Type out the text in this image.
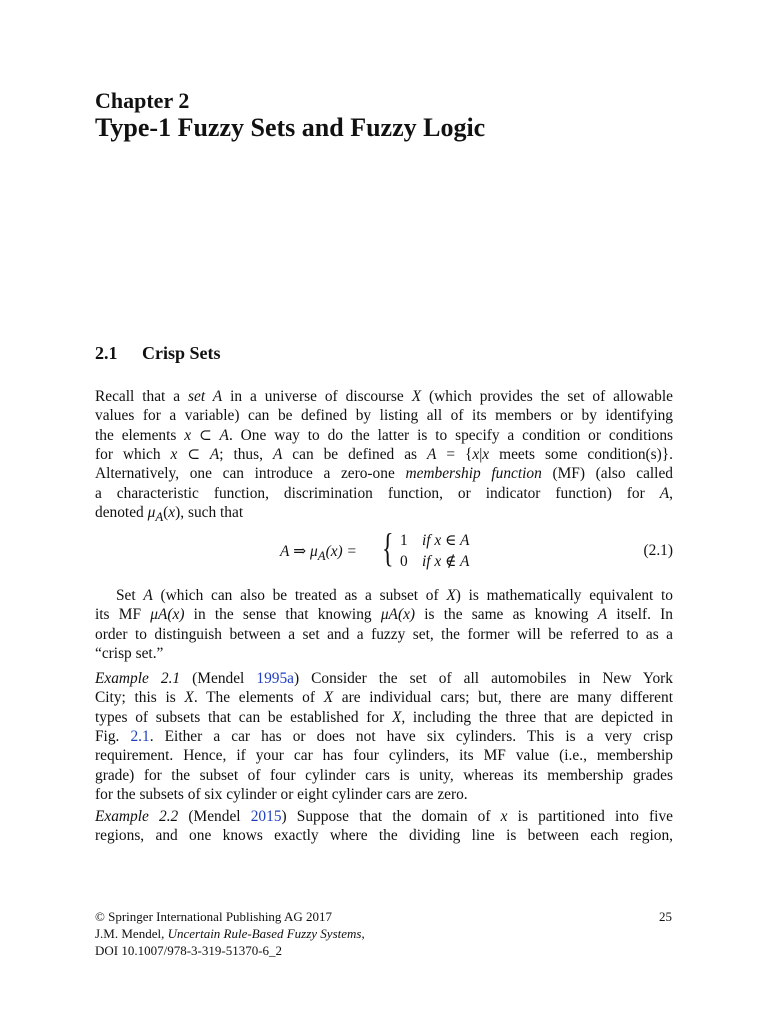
Chapter 2
Type-1 Fuzzy Sets and Fuzzy Logic
2.1 Crisp Sets
Recall that a set A in a universe of discourse X (which provides the set of allowable
values for a variable) can be defined by listing all of its members or by identifying
the elements x ⊂ A. One way to do the latter is to specify a condition or conditions
for which x ⊂ A; thus, A can be defined as A = {x|x meets some condition(s)}.
Alternatively, one can introduce a zero-one membership function (MF) (also called
a characteristic function, discrimination function, or indicator function) for A,
denoted $\mu_A(x)$, such that
A ⇒ $\mu_A(x)$ = { 1 if x ∈ A
0 if x ∉ A
(2.1)
Set A (which can also be treated as a subset of X) is mathematically equivalent to
its MF μA(x) in the sense that knowing μA(x) is the same as knowing A itself. In
order to distinguish between a set and a fuzzy set, the former will be referred to as a
“crisp set.”
Example 2.1 (Mendel 1995a) Consider the set of all automobiles in New York
City; this is X. The elements of X are individual cars; but, there are many different
types of subsets that can be established for X, including the three that are depicted in
Fig. 2.1. Either a car has or does not have six cylinders. This is a very crisp
requirement. Hence, if your car has four cylinders, its MF value (i.e., membership
grade) for the subset of four cylinder cars is unity, whereas its membership grades
for the subsets of six cylinder or eight cylinder cars are zero.
Example 2.2 (Mendel 2015) Suppose that the domain of x is partitioned into five
regions, and one knows exactly where the dividing line is between each region,
© Springer International Publishing AG 2017
J.M. Mendel, Uncertain Rule-Based Fuzzy Systems,
DOI 10.1007/978-3-319-51370-6_2
25
